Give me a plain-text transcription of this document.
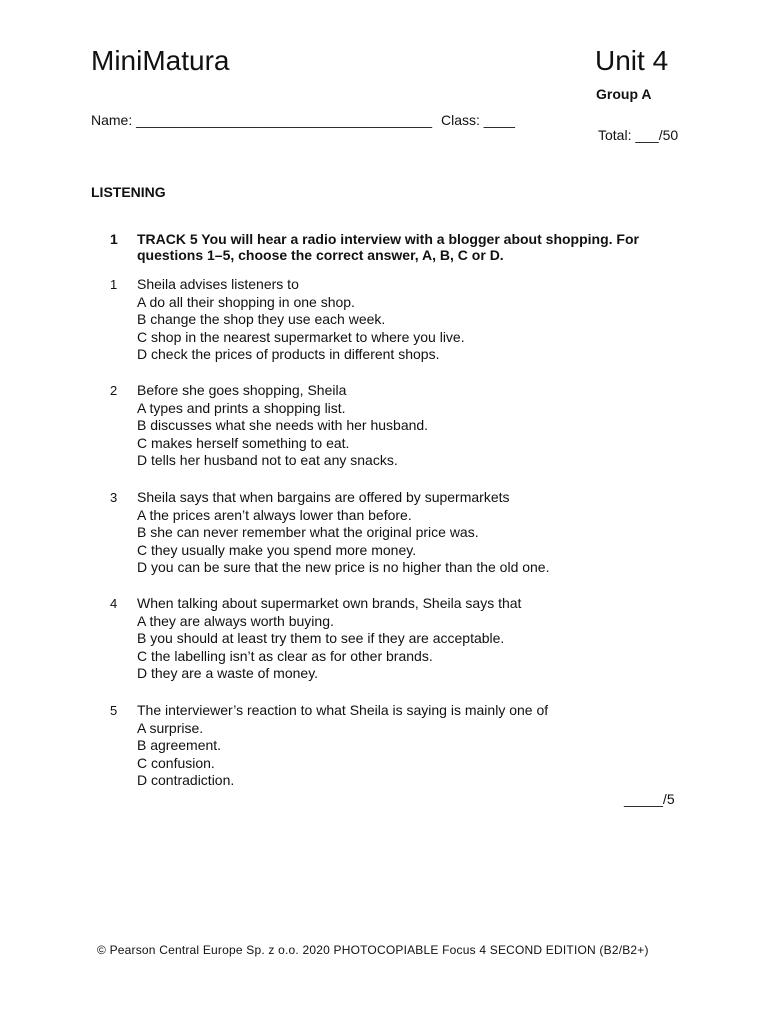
MiniMatura	Unit 4
Group A
Name: ______________________________________ Class: ____
Total: ___/50
LISTENING
1 TRACK 5 You will hear a radio interview with a blogger about shopping. For
questions 1–5, choose the correct answer, A, B, C or D.
1 Sheila advises listeners to
A do all their shopping in one shop.
B change the shop they use each week.
C shop in the nearest supermarket to where you live.
D check the prices of products in different shops.
2 Before she goes shopping, Sheila
A types and prints a shopping list.
B discusses what she needs with her husband.
C makes herself something to eat.
D tells her husband not to eat any snacks.
3 Sheila says that when bargains are offered by supermarkets
A the prices aren’t always lower than before.
B she can never remember what the original price was.
C they usually make you spend more money.
D you can be sure that the new price is no higher than the old one.
4 When talking about supermarket own brands, Sheila says that
A they are always worth buying.
B you should at least try them to see if they are acceptable.
C the labelling isn’t as clear as for other brands.
D they are a waste of money.
5 The interviewer’s reaction to what Sheila is saying is mainly one of
A surprise.
B agreement.
C confusion.
D contradiction.
_____/5
© Pearson Central Europe Sp. z o.o. 2020 PHOTOCOPIABLE Focus 4 SECOND EDITION (B2/B2+)
